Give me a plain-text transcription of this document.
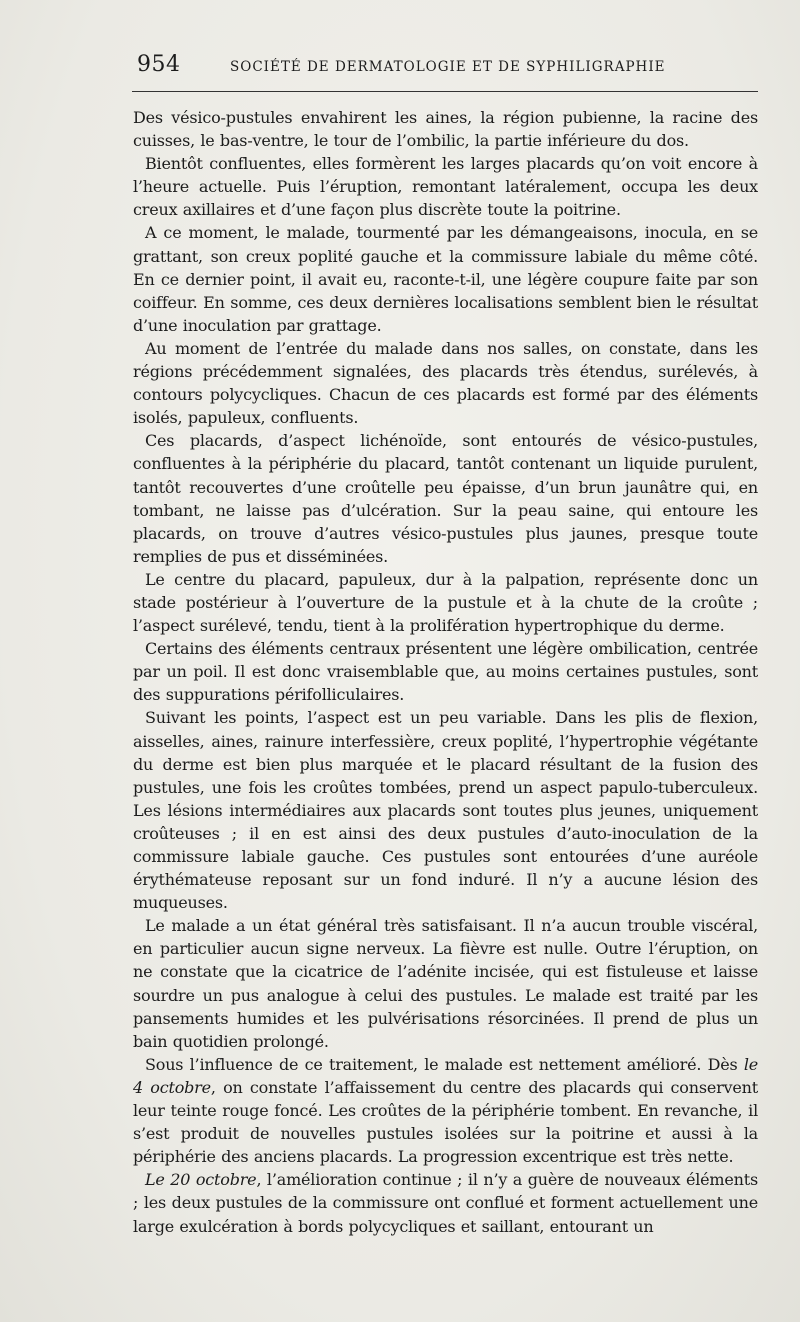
954	SOCIÉTÉ DE DERMATOLOGIE ET DE SYPHILIGRAPHIE

Des vésico-pustules envahirent les aines, la région pubienne, la racine des cuisses, le bas-ventre, le tour de l’ombilic, la partie inférieure du dos.

Bientôt confluentes, elles formèrent les larges placards qu’on voit encore à l’heure actuelle. Puis l’éruption, remontant latéralement, occupa les deux creux axillaires et d’une façon plus discrète toute la poitrine.

A ce moment, le malade, tourmenté par les démangeaisons, inocula, en se grattant, son creux poplité gauche et la commissure labiale du même côté. En ce dernier point, il avait eu, raconte-t-il, une légère coupure faite par son coiffeur. En somme, ces deux dernières localisations semblent bien le résultat d’une inoculation par grattage.

Au moment de l’entrée du malade dans nos salles, on constate, dans les régions précédemment signalées, des placards très étendus, surélevés, à contours polycycliques. Chacun de ces placards est formé par des éléments isolés, papuleux, confluents.

Ces placards, d’aspect lichénoïde, sont entourés de vésico-pustules, confluentes à la périphérie du placard, tantôt contenant un liquide purulent, tantôt recouvertes d’une croûtelle peu épaisse, d’un brun jaunâtre qui, en tombant, ne laisse pas d’ulcération. Sur la peau saine, qui entoure les placards, on trouve d’autres vésico-pustules plus jaunes, presque toute remplies de pus et disséminées.

Le centre du placard, papuleux, dur à la palpation, représente donc un stade postérieur à l’ouverture de la pustule et à la chute de la croûte ; l’aspect surélevé, tendu, tient à la prolifération hypertrophique du derme.

Certains des éléments centraux présentent une légère ombilication, centrée par un poil. Il est donc vraisemblable que, au moins certaines pustules, sont des suppurations périfolliculaires.

Suivant les points, l’aspect est un peu variable. Dans les plis de flexion, aisselles, aines, rainure interfessière, creux poplité, l’hypertrophie végétante du derme est bien plus marquée et le placard résultant de la fusion des pustules, une fois les croûtes tombées, prend un aspect papulo-tuberculeux. Les lésions intermédiaires aux placards sont toutes plus jeunes, uniquement croûteuses ; il en est ainsi des deux pustules d’auto-inoculation de la commissure labiale gauche. Ces pustules sont entourées d’une auréole érythémateuse reposant sur un fond induré. Il n’y a aucune lésion des muqueuses.

Le malade a un état général très satisfaisant. Il n’a aucun trouble viscéral, en particulier aucun signe nerveux. La fièvre est nulle. Outre l’éruption, on ne constate que la cicatrice de l’adénite incisée, qui est fistuleuse et laisse sourdre un pus analogue à celui des pustules. Le malade est traité par les pansements humides et les pulvérisations résorcinées. Il prend de plus un bain quotidien prolongé.

Sous l’influence de ce traitement, le malade est nettement amélioré. Dès le 4 octobre, on constate l’affaissement du centre des placards qui conservent leur teinte rouge foncé. Les croûtes de la périphérie tombent. En revanche, il s’est produit de nouvelles pustules isolées sur la poitrine et aussi à la périphérie des anciens placards. La progression excentrique est très nette.

Le 20 octobre, l’amélioration continue ; il n’y a guère de nouveaux éléments ; les deux pustules de la commissure ont conflué et forment actuellement une large exulcération à bords polycycliques et saillant, entourant un
